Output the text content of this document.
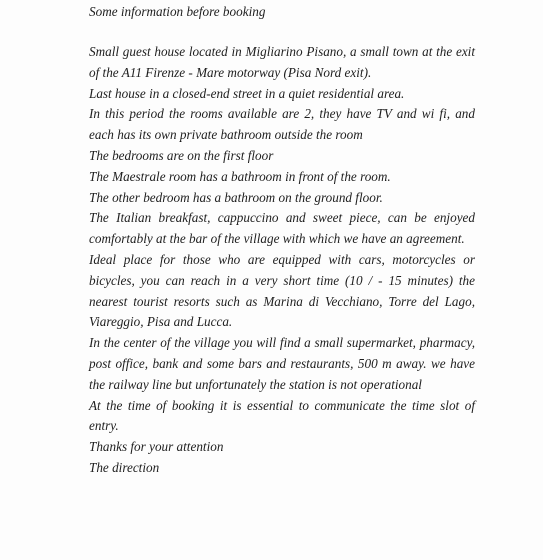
Some information before booking

Small guest house located in Migliarino Pisano, a small town at the exit of the A11 Firenze - Mare motorway (Pisa Nord exit).

Last house in a closed-end street in a quiet residential area.

In this period the rooms available are 2, they have TV and wi fi, and each has its own private bathroom outside the room

The bedrooms are on the first floor

The Maestrale room has a bathroom in front of the room.

The other bedroom has a bathroom on the ground floor.

The Italian breakfast, cappuccino and sweet piece, can be enjoyed comfortably at the bar of the village with which we have an agreement.

Ideal place for those who are equipped with cars, motorcycles or bicycles, you can reach in a very short time (10 / - 15 minutes) the nearest tourist resorts such as Marina di Vecchiano, Torre del Lago, Viareggio, Pisa and Lucca.

In the center of the village you will find a small supermarket, pharmacy, post office, bank and some bars and restaurants, 500 m away. we have the railway line but unfortunately the station is not operational

At the time of booking it is essential to communicate the time slot of entry.

Thanks for your attention

The direction
